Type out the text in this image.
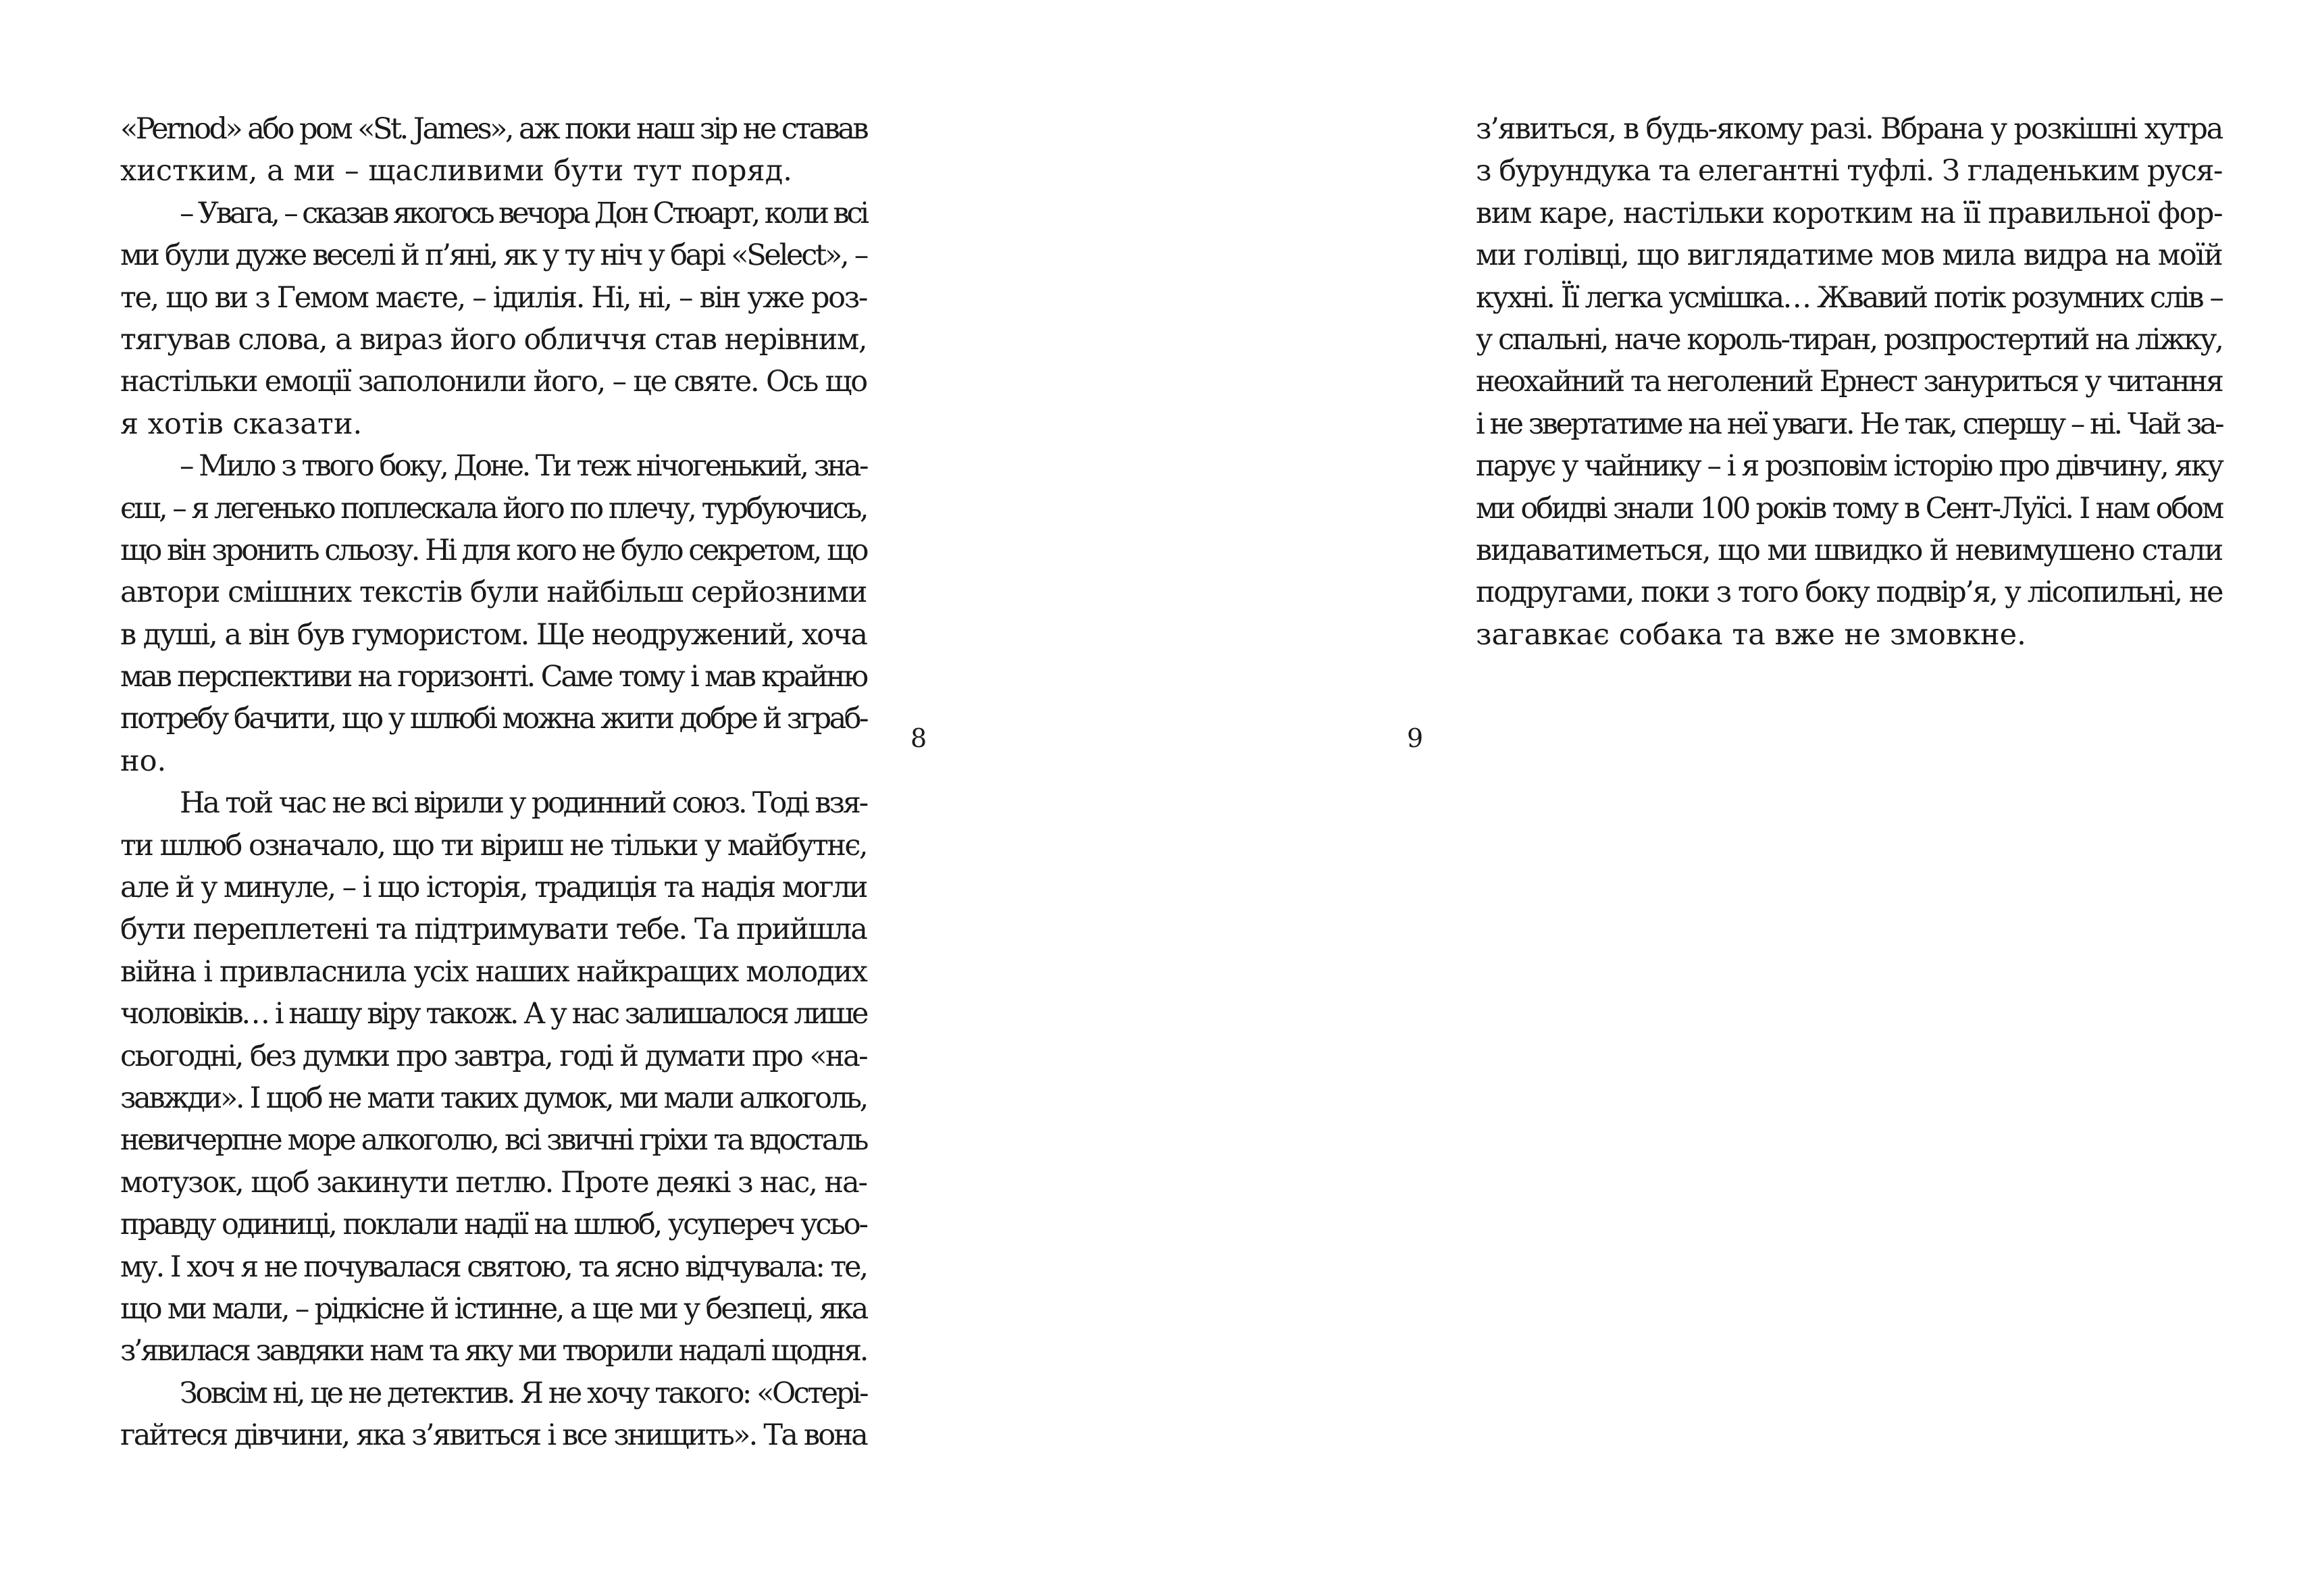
«Pernod» або ром «St. James», аж поки наш зір не ставав
хистким, а ми – щасливими бути тут поряд.
– Увага, – сказав якогось вечора Дон Стюарт, коли всі
ми були дуже веселі й п’яні, як у ту ніч у барі «Select», –
те, що ви з Гемом маєте, – ідилія. Ні, ні, – він уже роз-
тягував слова, а вираз його обличчя став нерівним,
настільки емоції заполонили його, – це святе. Ось що
я хотів сказати.
– Мило з твого боку, Доне. Ти теж нічогенький, зна-
єш, – я легенько поплескала його по плечу, турбуючись,
що він зронить сльозу. Ні для кого не було секретом, що
автори смішних текстів були найбільш серйозними
в душі, а він був гумористом. Ще неодружений, хоча
мав перспективи на горизонті. Саме тому і мав крайню
потребу бачити, що у шлюбі можна жити добре й зграб-
но.
На той час не всі вірили у родинний союз. Тоді взя-
ти шлюб означало, що ти віриш не тільки у майбутнє,
але й у минуле, – і що історія, традиція та надія могли
бути переплетені та підтримувати тебе. Та прийшла
війна і привласнила усіх наших найкращих молодих
чоловіків… і нашу віру також. А у нас залишалося лише
сьогодні, без думки про завтра, годі й думати про «на-
завжди». І щоб не мати таких думок, ми мали алкоголь,
невичерпне море алкоголю, всі звичні гріхи та вдосталь
мотузок, щоб закинути петлю. Проте деякі з нас, на-
правду одиниці, поклали надії на шлюб, усупереч усьо-
му. І хоч я не почувалася святою, та ясно відчувала: те,
що ми мали, – рідкісне й істинне, а ще ми у безпеці, яка
з’явилася завдяки нам та яку ми творили надалі щодня.
Зовсім ні, це не детектив. Я не хочу такого: «Остері-
гайтеся дівчини, яка з’явиться і все знищить». Та вона
8
з’явиться, в будь-якому разі. Вбрана у розкішні хутра
з бурундука та елегантні туфлі. З гладеньким руся-
вим каре, настільки коротким на її правильної фор-
ми голівці, що виглядатиме мов мила видра на моїй
кухні. Її легка усмішка… Жвавий потік розумних слів –
у спальні, наче король-тиран, розпростертий на ліжку,
неохайний та неголений Ернест зануриться у читання
і не звертатиме на неї уваги. Не так, спершу – ні. Чай за-
парує у чайнику – і я розповім історію про дівчину, яку
ми обидві знали 100 років тому в Сент-Луїсі. І нам обом
видаватиметься, що ми швидко й невимушено стали
подругами, поки з того боку подвір’я, у лісопильні, не
загавкає собака та вже не змовкне.
9
